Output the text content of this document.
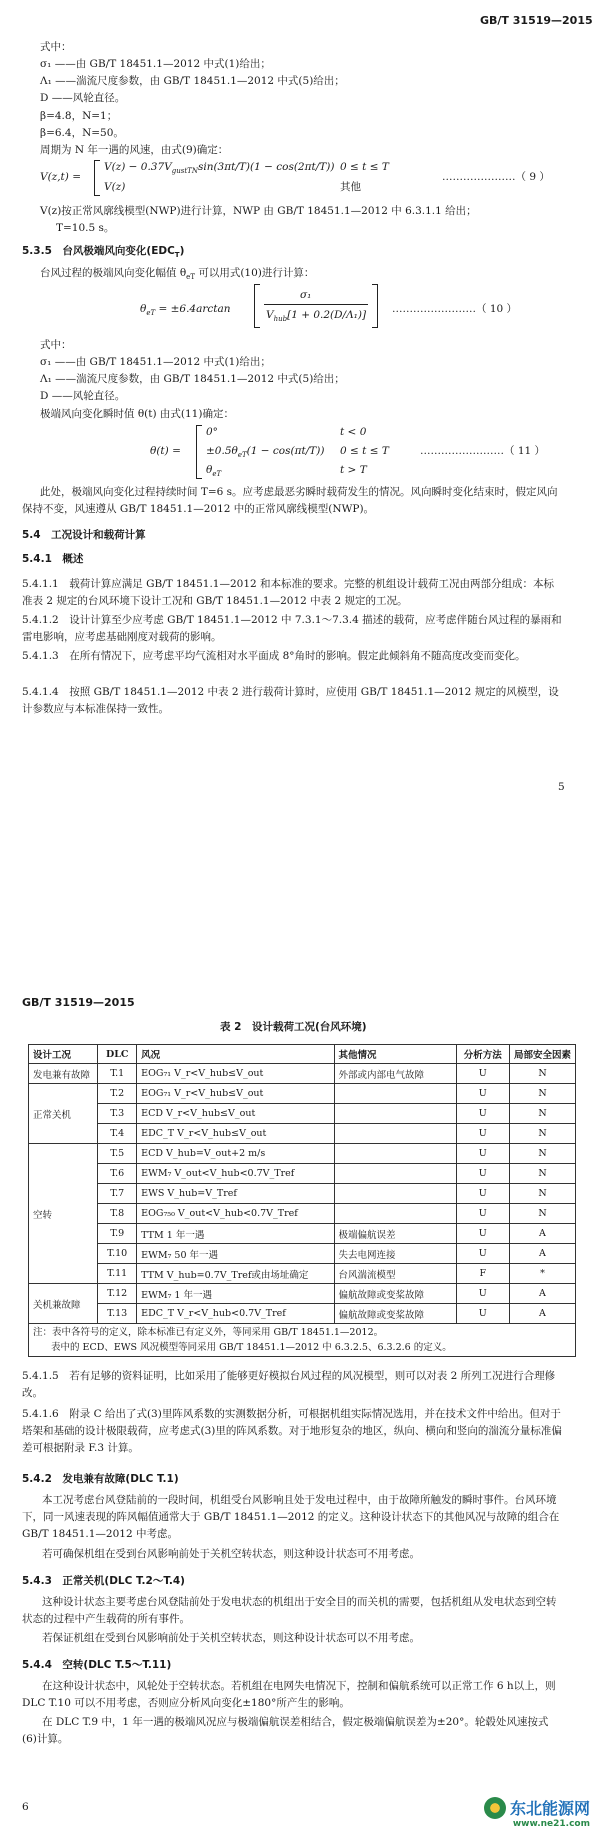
GB/T 31519—2015
式中：
σ₁ ——由 GB/T 18451.1—2012 中式(1)给出；
Λ₁ ——湍流尺度参数，由 GB/T 18451.1—2012 中式(5)给出；
D ——风轮直径。
β=4.8，N=1；
β=6.4，N=50。
周期为 N 年一遇的风速，由式(9)确定：
V(z,t) =
$V(z) - 0.37V_{gustTN}\sin(3\pi t/T)(1 - \cos(2\pi t/T)) 0 \le t \le T$
V(z)	其他
…………………（ 9 ）
V(z)按正常风廓线模型(NWP)进行计算，NWP 由 GB/T 18451.1—2012 中 6.3.1.1 给出；
T=10.5 s。
5.3.5　台风极端风向变化$(EDC_T)$
台风过程的极端风向变化幅值 $\theta_{eT}$ 可以用式(10)进行计算：
$\theta_{eT} = \pm 6.4\arctan$
σ₁
$V_{hub}[1 + 0.2(D/\Lambda_1)]$ ……………………（ 10 ）
式中：
σ₁ ——由 GB/T 18451.1—2012 中式(1)给出；
Λ₁ ——湍流尺度参数，由 GB/T 18451.1—2012 中式(5)给出；
D ——风轮直径。
极端风向变化瞬时值 θ(t) 由式(11)确定：
θ(t) =
0°
$\pm 0.5\theta_{eT}(1 - \cos(\pi t/T))$
$\theta_{eT}$
t < 0
0 ≤ t ≤ T
t > T
……………………（ 11 ）
此处，极端风向变化过程持续时间 T=6 s。应考虑最恶劣瞬时载荷发生的情况。风向瞬时变化结束时，假定风向保持不变，风速遵从 GB/T 18451.1—2012 中的正常风廓线模型(NWP)。
5.4　工况设计和载荷计算
5.4.1　概述
5.4.1.1　载荷计算应满足 GB/T 18451.1—2012 和本标准的要求。完整的机组设计载荷工况由两部分组成：本标准表 2 规定的台风环境下设计工况和 GB/T 18451.1—2012 中表 2 规定的工况。
5.4.1.2　设计计算至少应考虑 GB/T 18451.1—2012 中 7.3.1～7.3.4 描述的载荷，应考虑伴随台风过程的暴雨和雷电影响，应考虑基础刚度对载荷的影响。
5.4.1.3　在所有情况下，应考虑平均气流相对水平面成 8°角时的影响。假定此倾斜角不随高度改变而变化。
5.4.1.4　按照 GB/T 18451.1—2012 中表 2 进行载荷计算时，应使用 GB/T 18451.1—2012 规定的风模型，设计参数应与本标准保持一致性。
5
GB/T 31519—2015
表 2　设计载荷工况(台风环境)
设计工况	DLC	风况	其他情况	分析方法	局部安全因素
发电兼有故障	T.1	EOG₇₁ V_r<V_hub≤V_out	外部或内部电气故障	U	N
正常关机	T.2	EOG₇₁ V_r<V_hub≤V_out		U	N
	T.3	ECD V_r<V_hub≤V_out		U	N
	T.4	EDC_T V_r<V_hub≤V_out		U	N
空转	T.5	ECD V_hub=V_out+2 m/s		U	N
	T.6	EWM₇ V_out<V_hub<0.7V_Tref		U	N
	T.7	EWS V_hub=V_Tref		U	N
	T.8	EOG₇₅₀ V_out<V_hub<0.7V_Tref		U	N
	T.9	TTM 1 年一遇	极端偏航误差	U	A
	T.10	EWM₇ 50 年一遇	失去电网连接	U	A
	T.11	TTM V_hub=0.7V_Tref或由场址确定	台风湍流模型	F	*
关机兼故障	T.12	EWM₇ 1 年一遇	偏航故障或变桨故障	U	A
	T.13	EDC_T V_r<V_hub<0.7V_Tref	偏航故障或变桨故障	U	A

注：表中各符号的定义，除本标准已有定义外，等同采用 GB/T 18451.1—2012。
表中的 ECD、EWS 风况模型等同采用 GB/T 18451.1—2012 中 6.3.2.5、6.3.2.6 的定义。					
5.4.1.5　若有足够的资料证明，比如采用了能够更好模拟台风过程的风况模型，则可以对表 2 所列工况进行合理修改。
5.4.1.6　附录 C 给出了式(3)里阵风系数的实测数据分析，可根据机组实际情况选用，并在技术文件中给出。但对于塔架和基础的设计极限载荷，应考虑式(3)里的阵风系数。对于地形复杂的地区，纵向、横向和竖向的湍流分量标准偏差可根据附录 F.3 计算。
5.4.2　发电兼有故障(DLC T.1)
本工况考虑台风登陆前的一段时间，机组受台风影响且处于发电过程中，由于故障所触发的瞬时事件。台风环境下，同一风速表现的阵风幅值通常大于 GB/T 18451.1—2012 的定义。这种设计状态下的其他风况与故障的组合在 GB/T 18451.1—2012 中考虑。
若可确保机组在受到台风影响前处于关机空转状态，则这种设计状态可不用考虑。
5.4.3　正常关机(DLC T.2～T.4)
这种设计状态主要考虑台风登陆前处于发电状态的机组出于安全目的而关机的需要，包括机组从发电状态到空转状态的过程中产生载荷的所有事件。
若保证机组在受到台风影响前处于关机空转状态，则这种设计状态可以不用考虑。
5.4.4　空转(DLC T.5～T.11)
在这种设计状态中，风轮处于空转状态。若机组在电网失电情况下，控制和偏航系统可以正常工作 6 h以上，则 DLC T.10 可以不用考虑，否则应分析风向变化±180°所产生的影响。
在 DLC T.9 中，1 年一遇的极端风况应与极端偏航误差相结合，假定极端偏航误差为±20°。轮毂处风速按式(6)计算。
6	东北能源网
www.ne21.com
